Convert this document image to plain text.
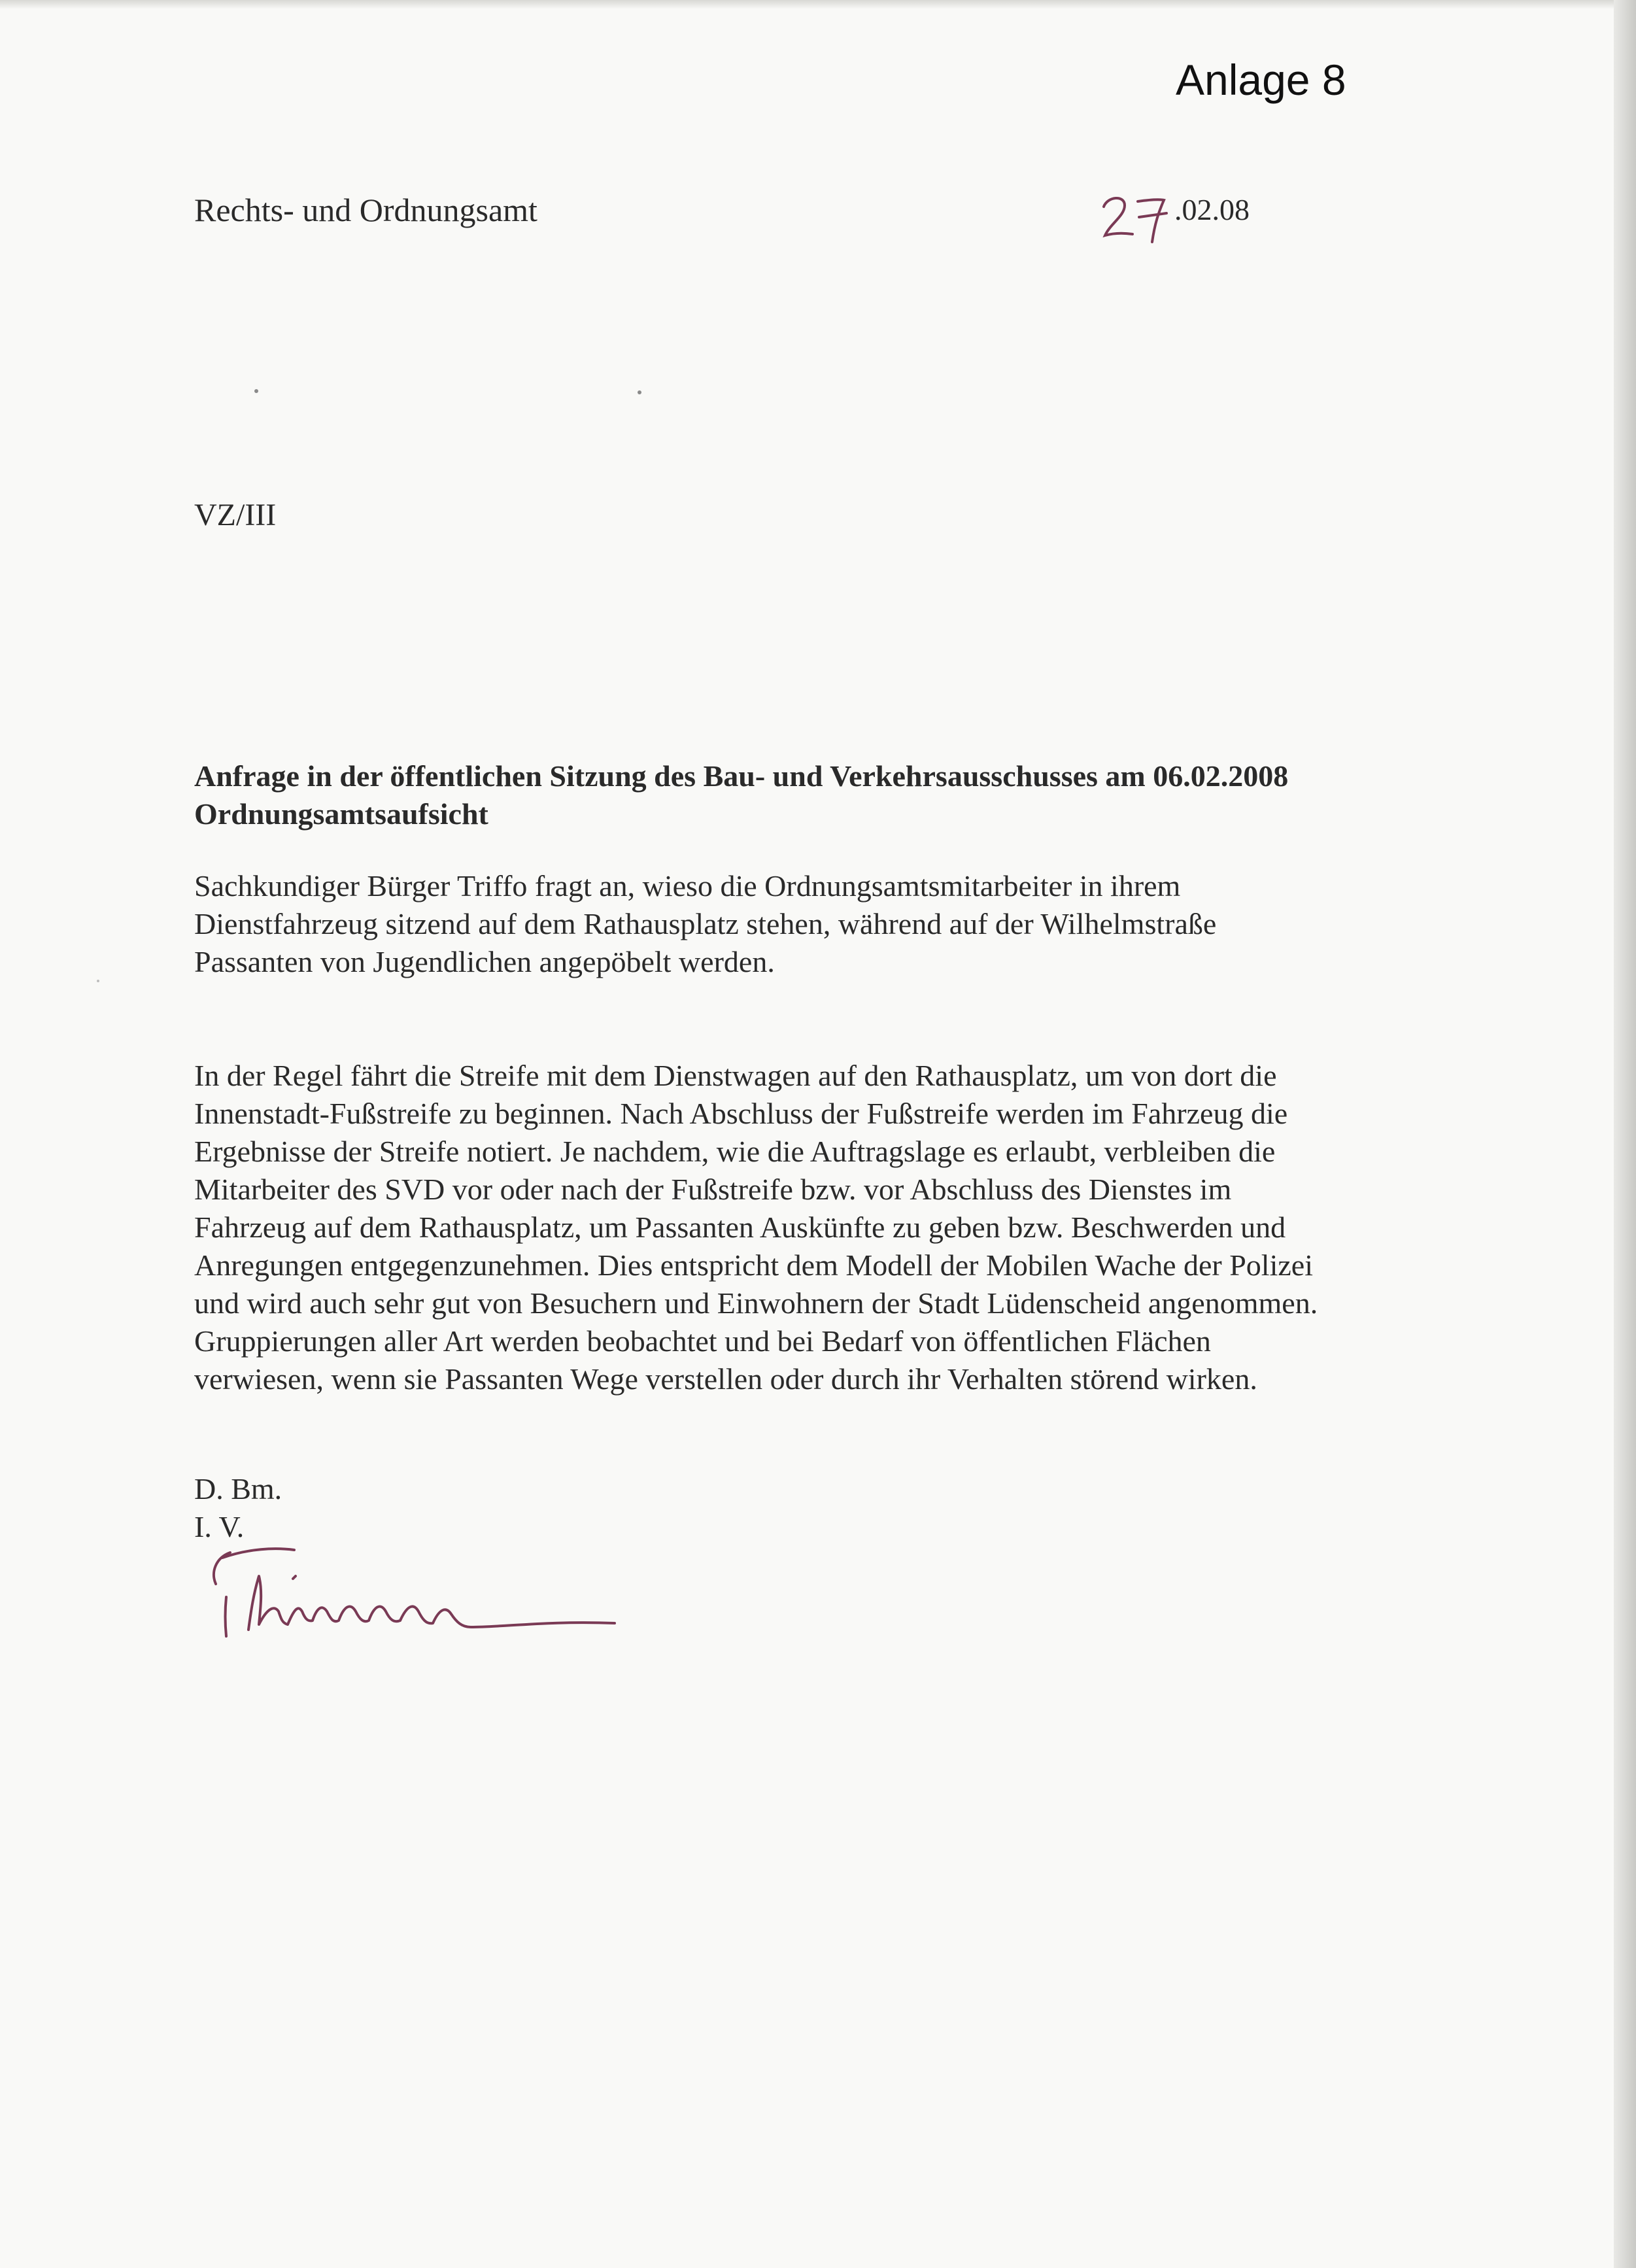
Anlage 8
Rechts- und Ordnungsamt	.02.08
VZ/III
Anfrage in der öffentlichen Sitzung des Bau- und Verkehrsausschusses am 06.02.2008
Ordnungsamtsaufsicht
Sachkundiger Bürger Triffo fragt an, wieso die Ordnungsamtsmitarbeiter in ihrem
Dienstfahrzeug sitzend auf dem Rathausplatz stehen, während auf der Wilhelmstraße
Passanten von Jugendlichen angepöbelt werden.
In der Regel fährt die Streife mit dem Dienstwagen auf den Rathausplatz, um von dort die
Innenstadt-Fußstreife zu beginnen. Nach Abschluss der Fußstreife werden im Fahrzeug die
Ergebnisse der Streife notiert. Je nachdem, wie die Auftragslage es erlaubt, verbleiben die
Mitarbeiter des SVD vor oder nach der Fußstreife bzw. vor Abschluss des Dienstes im
Fahrzeug auf dem Rathausplatz, um Passanten Auskünfte zu geben bzw. Beschwerden und
Anregungen entgegenzunehmen. Dies entspricht dem Modell der Mobilen Wache der Polizei
und wird auch sehr gut von Besuchern und Einwohnern der Stadt Lüdenscheid angenommen.
Gruppierungen aller Art werden beobachtet und bei Bedarf von öffentlichen Flächen
verwiesen, wenn sie Passanten Wege verstellen oder durch ihr Verhalten störend wirken.
D. Bm.
I. V.
